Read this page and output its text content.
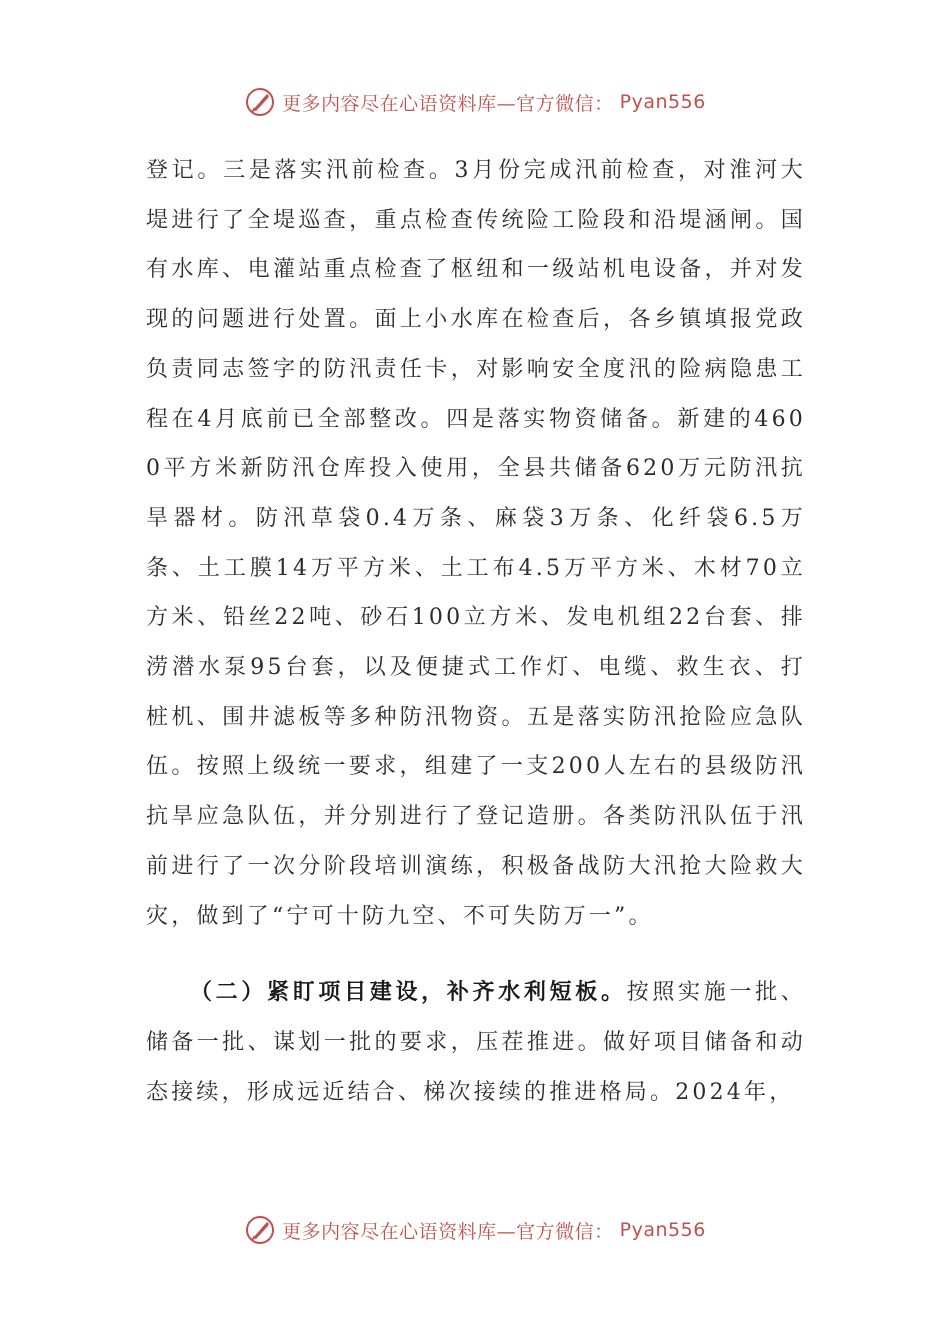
更多内容尽在心语资料库—官方微信： Pyan556

登记。三是落实汛前检查。3月份完成汛前检查，对淮河大堤进行了全堤巡查，重点检查传统险工险段和沿堤涵闸。国有水库、电灌站重点检查了枢纽和一级站机电设备，并对发现的问题进行处置。面上小水库在检查后，各乡镇填报党政负责同志签字的防汛责任卡，对影响安全度汛的险病隐患工程在4月底前已全部整改。四是落实物资储备。新建的4600平方米新防汛仓库投入使用，全县共储备620万元防汛抗旱器材。防汛草袋0.4万条、麻袋3万条、化纤袋6.5万条、土工膜14万平方米、土工布4.5万平方米、木材70立方米、铅丝22吨、砂石100立方米、发电机组22台套、排涝潜水泵95台套，以及便捷式工作灯、电缆、救生衣、打桩机、围井滤板等多种防汛物资。五是落实防汛抢险应急队伍。按照上级统一要求，组建了一支200人左右的县级防汛抗旱应急队伍，并分别进行了登记造册。各类防汛队伍于汛前进行了一次分阶段培训演练，积极备战防大汛抢大险救大灾，做到了“宁可十防九空、不可失防万一”。

（二）紧盯项目建设，补齐水利短板。按照实施一批、储备一批、谋划一批的要求，压茬推进。做好项目储备和动态接续，形成远近结合、梯次接续的推进格局。2024年，

更多内容尽在心语资料库—官方微信： Pyan556
